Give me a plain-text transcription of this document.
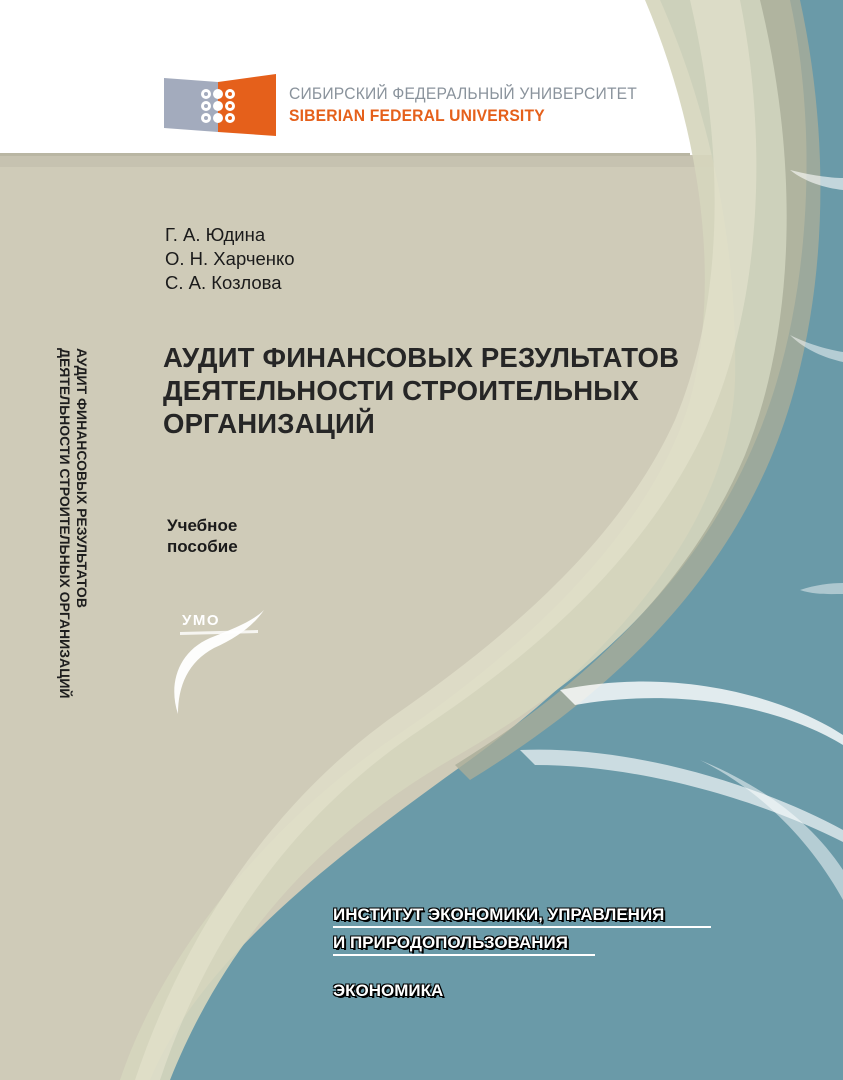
СИБИРСКИЙ ФЕДЕРАЛЬНЫЙ УНИВЕРСИТЕТ
SIBERIAN FEDERAL UNIVERSITY
Г. А. Юдина
О. Н. Харченко
С. А. Козлова
АУДИТ ФИНАНСОВЫХ РЕЗУЛЬТАТОВ
ДЕЯТЕЛЬНОСТИ СТРОИТЕЛЬНЫХ
ОРГАНИЗАЦИЙ
Учебное
пособие
УМО
АУДИТ ФИНАНСОВЫХ РЕЗУЛЬТАТОВ
ДЕЯТЕЛЬНОСТИ СТРОИТЕЛЬНЫХ ОРГАНИЗАЦИЙ
ИНСТИТУТ ЭКОНОМИКИ, УПРАВЛЕНИЯ
И ПРИРОДОПОЛЬЗОВАНИЯ
ЭКОНОМИКА
